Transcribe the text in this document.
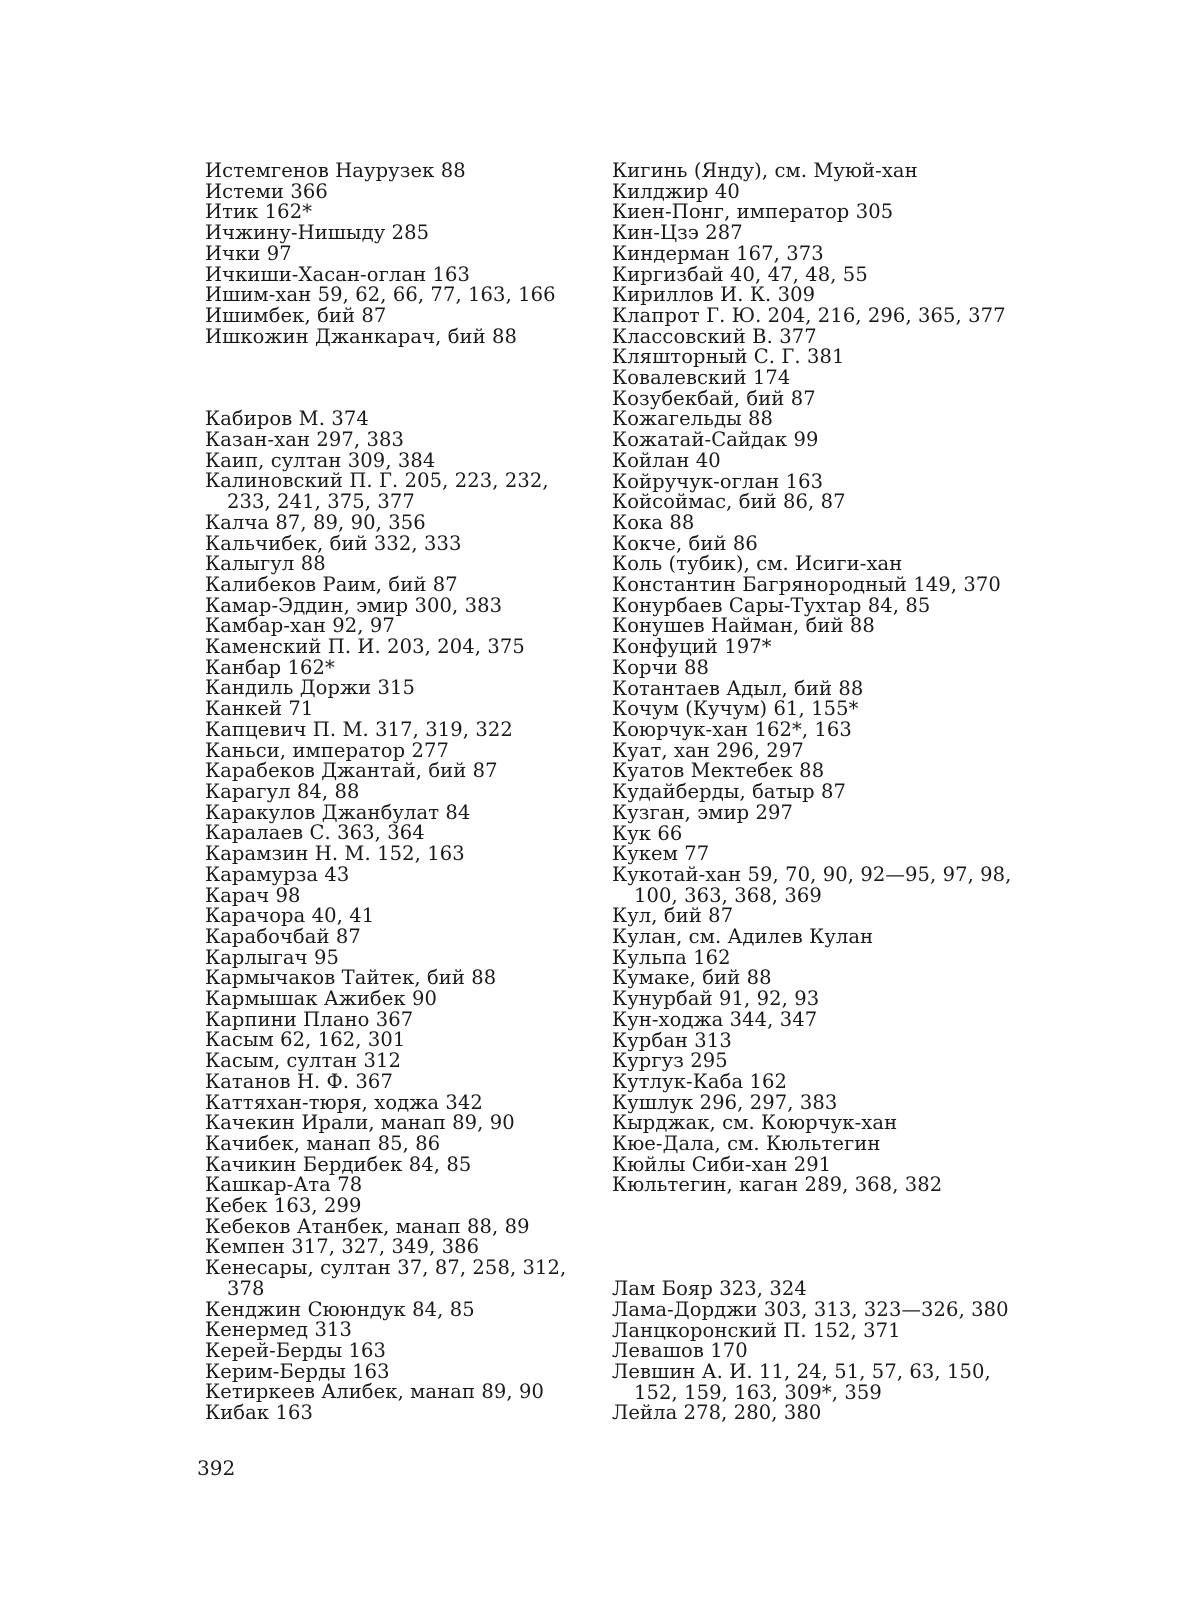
Истемгенов Наурузек 88
Истеми 366
Итик 162*
Ичжину-Нишыду 285
Ички 97
Ичкиши-Хасан-оглан 163
Ишим-хан 59, 62, 66, 77, 163, 166
Ишимбек, бий 87
Ишкожин Джанкарач, бий 88
Кабиров М. 374
Казан-хан 297, 383
Каип, султан 309, 384
Калиновский П. Г. 205, 223, 232, 233, 241, 375, 377
Калча 87, 89, 90, 356
Кальчибек, бий 332, 333
Калыгул 88
Калибеков Раим, бий 87
Камар-Эддин, эмир 300, 383
Камбар-хан 92, 97
Каменский П. И. 203, 204, 375
Канбар 162*
Кандиль Доржи 315
Канкей 71
Капцевич П. М. 317, 319, 322
Каньси, император 277
Карабеков Джантай, бий 87
Карагул 84, 88
Каракулов Джанбулат 84
Каралаев С. 363, 364
Карамзин Н. М. 152, 163
Карамурза 43
Карач 98
Карачора 40, 41
Карабочбай 87
Карлыгач 95
Кармычаков Тайтек, бий 88
Кармышак Ажибек 90
Карпини Плано 367
Касым 62, 162, 301
Касым, султан 312
Катанов Н. Ф. 367
Каттяхан-тюря, ходжа 342
Качекин Ирали, манап 89, 90
Качибек, манап 85, 86
Качикин Бердибек 84, 85
Кашкар-Ата 78
Кебек 163, 299
Кебеков Атанбек, манап 88, 89
Кемпен 317, 327, 349, 386
Кенесары, султан 37, 87, 258, 312, 378
Кенджин Сююндук 84, 85
Кенермед 313
Керей-Берды 163
Керим-Берды 163
Кетиркеев Алибек, манап 89, 90
Кибак 163
Кигинь (Янду), см. Муюй-хан
Килджир 40
Киен-Понг, император 305
Кин-Цзэ 287
Киндерман 167, 373
Киргизбай 40, 47, 48, 55
Кириллов И. К. 309
Клапрот Г. Ю. 204, 216, 296, 365, 377
Классовский В. 377
Кляшторный С. Г. 381
Ковалевский 174
Козубекбай, бий 87
Кожагельды 88
Кожатай-Сайдак 99
Койлан 40
Койручук-оглан 163
Койсоймас, бий 86, 87
Кока 88
Кокче, бий 86
Коль (тубик), см. Исиги-хан
Константин Багрянородный 149, 370
Конурбаев Сары-Тухтар 84, 85
Конушев Найман, бий 88
Конфуций 197*
Корчи 88
Котантаев Адыл, бий 88
Кочум (Кучум) 61, 155*
Коюрчук-хан 162*, 163
Куат, хан 296, 297
Куатов Мектебек 88
Кудайберды, батыр 87
Кузган, эмир 297
Кук 66
Кукем 77
Кукотай-хан 59, 70, 90, 92—95, 97, 98, 100, 363, 368, 369
Кул, бий 87
Кулан, см. Адилев Кулан
Кульпа 162
Кумаке, бий 88
Кунурбай 91, 92, 93
Кун-ходжа 344, 347
Курбан 313
Кургуз 295
Кутлук-Каба 162
Кушлук 296, 297, 383
Кырджак, см. Коюрчук-хан
Кюе-Дала, см. Кюльтегин
Кюйлы Сиби-хан 291
Кюльтегин, каган 289, 368, 382
Лам Бояр 323, 324
Лама-Дорджи 303, 313, 323—326, 380
Ланцкоронский П. 152, 371
Левашов 170
Левшин А. И. 11, 24, 51, 57, 63, 150, 152, 159, 163, 309*, 359
Лейла 278, 280, 380
392
